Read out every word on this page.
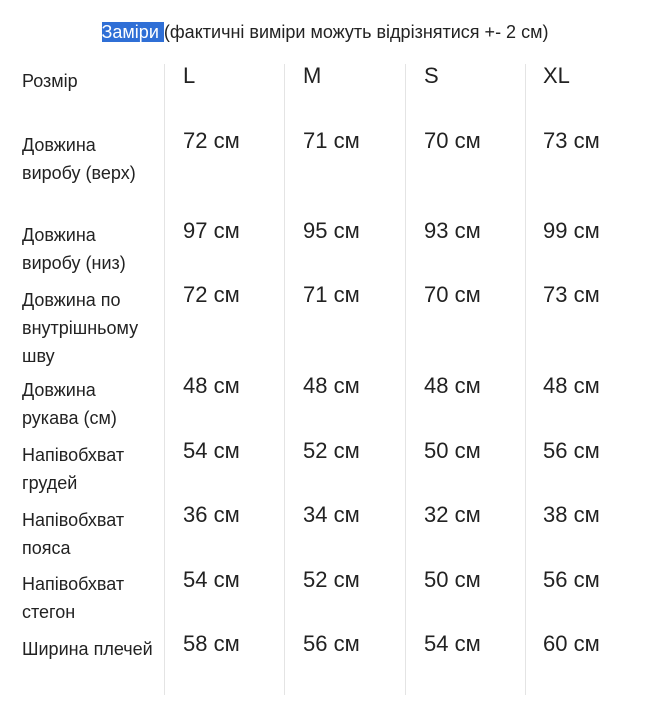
Заміри (фактичні виміри можуть відрізнятися +- 2 см)
Розмір	L	M	S	XL
Довжина виробу (верх)
72 см	71 см	70 см	73 см
Довжина виробу (низ)
97 см	95 см	93 см	99 см
Довжина по внутрішньому шву
72 см	71 см	70 см	73 см
Довжина рукава (см)
48 см	48 см	48 см	48 см
Напівобхват грудей
54 см	52 см	50 см	56 см
Напівобхват пояса
36 см	34 см	32 см	38 см
Напівобхват стегон
54 см	52 см	50 см	56 см
Ширина плечей 58 см	56 см	54 см	60 см
